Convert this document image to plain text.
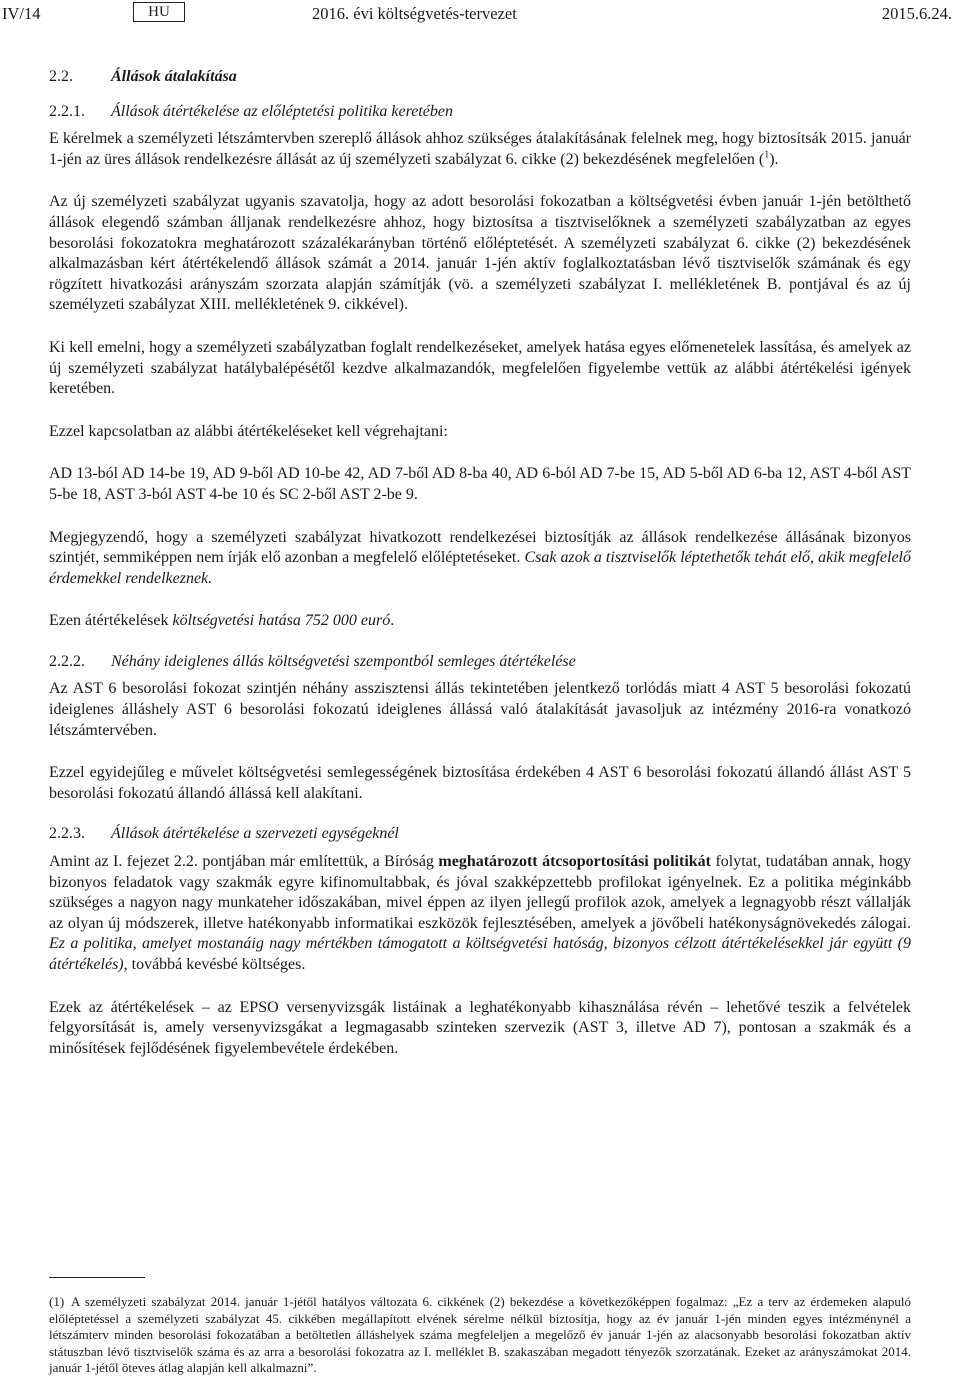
IV/14	HU	2016. évi költségvetés-tervezet	2015.6.24.
2.2. Állások átalakítása
2.2.1. Állások átértékelése az előléptetési politika keretében

E kérelmek a személyzeti létszámtervben szereplő állások ahhoz szükséges átalakításának felelnek meg, hogy biztosítsák 2015. január 1-jén az üres állások rendelkezésre állását az új személyzeti szabályzat 6. cikke (2) bekezdésének megfelelően ($^1$).

Az új személyzeti szabályzat ugyanis szavatolja, hogy az adott besorolási fokozatban a költségvetési évben január 1-jén betölthető állások elegendő számban álljanak rendelkezésre ahhoz, hogy biztosítsa a tisztviselőknek a személyzeti szabályzatban az egyes besorolási fokozatokra meghatározott százalékarányban történő előléptetését. A személyzeti szabályzat 6. cikke (2) bekezdésének alkalmazásban kért átértékelendő állások számát a 2014. január 1-jén aktív foglalkoztatásban lévő tisztviselők számának és egy rögzített hivatkozási arányszám szorzata alapján számítják (vö. a személyzeti szabályzat I. mellékletének B. pontjával és az új személyzeti szabályzat XIII. mellékletének 9. cikkével).

Ki kell emelni, hogy a személyzeti szabályzatban foglalt rendelkezéseket, amelyek hatása egyes előmenetelek lassítása, és amelyek az új személyzeti szabályzat hatálybalépésétől kezdve alkalmazandók, megfelelően figyelembe vettük az alábbi átértékelési igények keretében.

Ezzel kapcsolatban az alábbi átértékeléseket kell végrehajtani:

AD 13-ból AD 14-be 19, AD 9-ből AD 10-be 42, AD 7-ből AD 8-ba 40, AD 6-ból AD 7-be 15, AD 5-ből AD 6-ba 12, AST 4-ből AST 5-be 18, AST 3-ból AST 4-be 10 és SC 2-ből AST 2-be 9.

Megjegyzendő, hogy a személyzeti szabályzat hivatkozott rendelkezései biztosítják az állások rendelkezése állásának bizonyos szintjét, semmiképpen nem írják elő azonban a megfelelő előléptetéseket. Csak azok a tisztviselők léptethetők tehát elő, akik megfelelő érdemekkel rendelkeznek.

Ezen átértékelések költségvetési hatása 752 000 euró.

2.2.2. Néhány ideiglenes állás költségvetési szempontból semleges átértékelése

Az AST 6 besorolási fokozat szintjén néhány asszisztensi állás tekintetében jelentkező torlódás miatt 4 AST 5 besorolási fokozatú ideiglenes álláshely AST 6 besorolási fokozatú ideiglenes állássá való átalakítását javasoljuk az intézmény 2016-ra vonatkozó létszámtervében.

Ezzel egyidejűleg e művelet költségvetési semlegességének biztosítása érdekében 4 AST 6 besorolási fokozatú állandó állást AST 5 besorolási fokozatú állandó állássá kell alakítani.

2.2.3. Állások átértékelése a szervezeti egységeknél

Amint az I. fejezet 2.2. pontjában már említettük, a Bíróság meghatározott átcsoportosítási politikát folytat, tudatában annak, hogy bizonyos feladatok vagy szakmák egyre kifinomultabbak, és jóval szakképzettebb profilokat igényelnek. Ez a politika méginkább szükséges a nagyon nagy munkateher időszakában, mivel éppen az ilyen jellegű profilok azok, amelyek a legnagyobb részt vállalják az olyan új módszerek, illetve hatékonyabb informatikai eszközök fejlesztésében, amelyek a jövőbeli hatékonyságnövekedés zálogai. Ez a politika, amelyet mostanáig nagy mértékben támogatott a költségvetési hatóság, bizonyos célzott átértékelésekkel jár együtt (9 átértékelés), továbbá kevésbé költséges.

Ezek az átértékelések – az EPSO versenyvizsgák listáinak a leghatékonyabb kihasználása révén – lehetővé teszik a felvételek felgyorsítását is, amely versenyvizsgákat a legmagasabb szinteken szervezik (AST 3, illetve AD 7), pontosan a szakmák és a minősítések fejlődésének figyelembevétele érdekében.

(1) A személyzeti szabályzat 2014. január 1-jétől hatályos változata 6. cikkének (2) bekezdése a következőképpen fogalmaz: „Ez a terv az érdemeken alapuló előléptetéssel a személyzeti szabályzat 45. cikkében megállapított elvének sérelme nélkül biztosítja, hogy az év január 1-jén minden egyes intézménynél a létszámterv minden besorolási fokozatában a betöltetlen álláshelyek száma megfeleljen a megelőző év január 1-jén az alacsonyabb besorolási fokozatban aktív státuszban lévő tisztviselők száma és az arra a besorolási fokozatra az I. melléklet B. szakaszában megadott tényezők szorzatának. Ezeket az arányszámokat 2014. január 1-jétől öteves átlag alapján kell alkalmazni”.
